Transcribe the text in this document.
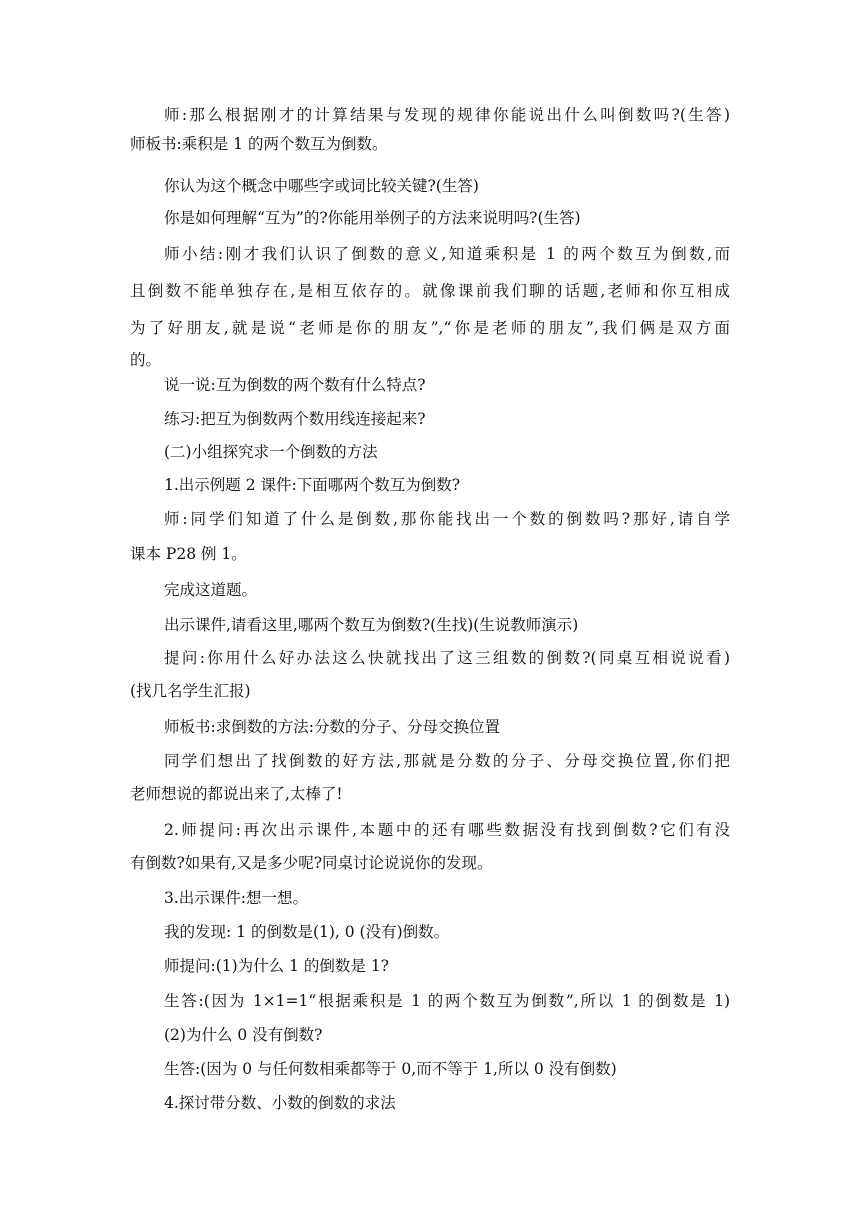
师:那么根据刚才的计算结果与发现的规律你能说出什么叫倒数吗?(生答)
师板书:乘积是 1 的两个数互为倒数。
你认为这个概念中哪些字或词比较关键?(生答)
你是如何理解“互为”的?你能用举例子的方法来说明吗?(生答)
师小结:刚才我们认识了倒数的意义,知道乘积是 1 的两个数互为倒数,而
且倒数不能单独存在,是相互依存的。就像课前我们聊的话题,老师和你互相成
为了好朋友,就是说“老师是你的朋友”,“你是老师的朋友”,我们俩是双方面
的。
说一说:互为倒数的两个数有什么特点?
练习:把互为倒数两个数用线连接起来?
(二)小组探究求一个倒数的方法
1.出示例题 2 课件:下面哪两个数互为倒数?
师:同学们知道了什么是倒数,那你能找出一个数的倒数吗?那好,请自学
课本 P28 例 1。
完成这道题。
出示课件,请看这里,哪两个数互为倒数?(生找)(生说教师演示)
提问:你用什么好办法这么快就找出了这三组数的倒数?(同桌互相说说看)
(找几名学生汇报)
师板书:求倒数的方法:分数的分子、分母交换位置
同学们想出了找倒数的好方法,那就是分数的分子、分母交换位置,你们把
老师想说的都说出来了,太棒了!
2.师提问:再次出示课件,本题中的还有哪些数据没有找到倒数?它们有没
有倒数?如果有,又是多少呢?同桌讨论说说你的发现。
3.出示课件:想一想。
我的发现: 1 的倒数是(1), 0 (没有)倒数。
师提问:(1)为什么 1 的倒数是 1?
生答:(因为 1×1=1“根据乘积是 1 的两个数互为倒数”,所以 1 的倒数是 1)
(2)为什么 0 没有倒数?
生答:(因为 0 与任何数相乘都等于 0,而不等于 1,所以 0 没有倒数)
4.探讨带分数、小数的倒数的求法
